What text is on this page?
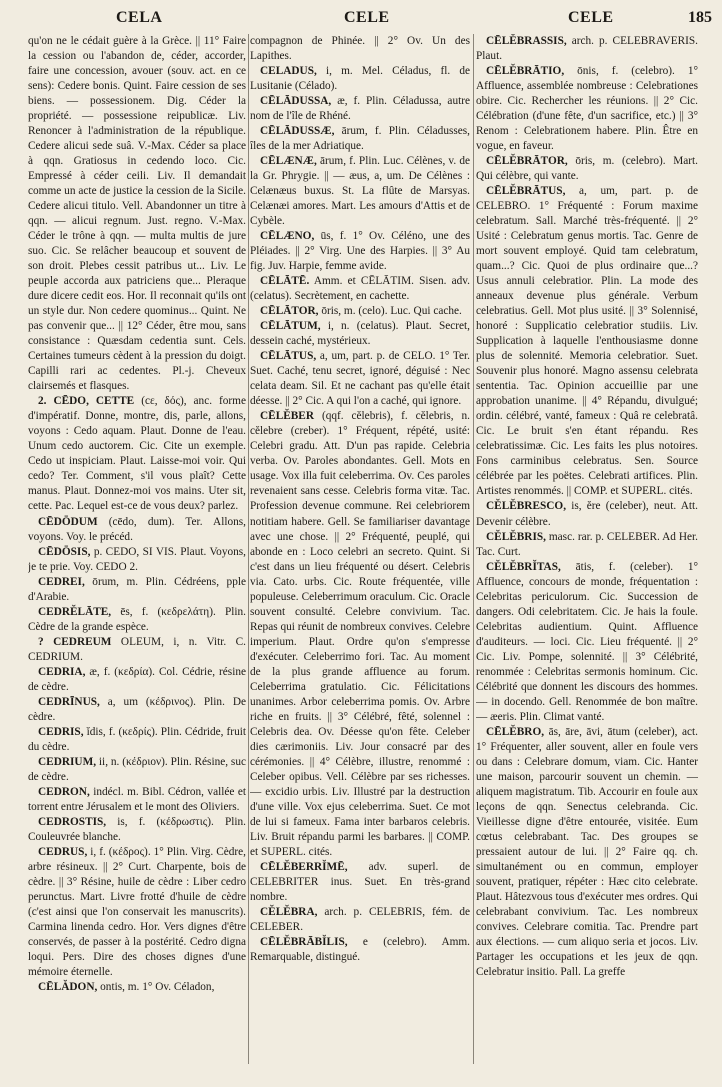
CELA	CELE	CELE	185

qu'on ne le cédait guère à la Grèce. || 11° Faire la cession ou l'abandon de, céder, accorder, faire une concession, avouer (souv. act. en ce sens): Cedere bonis. Quint. Faire cession de ses biens. — possessionem. Dig. Céder la propriété. — possessione reipublicæ. Liv. Renoncer à l'administration de la république. Cedere alicui sede suâ. V.-Max. Céder sa place à qqn. Gratiosus in cedendo loco. Cic. Empressé à céder ceili. Liv. Il demandait comme un acte de justice la cession de la Sicile. Cedere alicui titulo. Vell. Abandonner un titre à qqn. — alicui regnum. Just. regno. V.-Max. Céder le trône à qqn. — multa multis de jure suo. Cic. Se relâcher beaucoup et souvent de son droit. Plebes cessit patribus ut... Liv. Le peuple accorda aux patriciens que... Pleraque dure dicere cedit eos. Hor. Il reconnait qu'ils ont un style dur. Non cedere quominus... Quint. Ne pas convenir que... || 12° Céder, être mou, sans consistance : Quæsdam cedentia sunt. Cels. Certaines tumeurs cèdent à la pression du doigt. Capilli rari ac cedentes. Pl.-j. Cheveux clairsemés et flasques.

2. CĒDO, CETTE (cε, δός), anc. forme d'impératif. Donne, montre, dis, parle, allons, voyons : Cedo aquam. Plaut. Donne de l'eau. Unum cedo auctorem. Cic. Cite un exemple. Cedo ut inspiciam. Plaut. Laisse-moi voir. Qui cedo? Ter. Comment, s'il vous plaît? Cette manus. Plaut. Donnez-moi vos mains. Uter sit, cette. Pac. Lequel est-ce de vous deux? parlez.

CĒDŌDUM (cēdo, dum). Ter. Allons, voyons. Voy. le précéd.

CĒDŌSIS, p. CEDO, SI VIS. Plaut. Voyons, je te prie. Voy. CEDO 2.

CEDREI, ōrum, m. Plin. Cédréens, pple d'Arabie.

CEDRĔLĀTE, ēs, f. (κεδρελάτη). Plin. Cèdre de la grande espèce.

? CEDREUM OLEUM, i, n. Vitr. C. CEDRIUM.

CEDRIA, æ, f. (κεδρία). Col. Cédrie, résine de cèdre.

CEDRĪNUS, a, um (κέδρινος). Plin. De cèdre.

CEDRIS, ĭdis, f. (κεδρίς). Plin. Cédride, fruit du cèdre.

CEDRIUM, ii, n. (κέδριον). Plin. Résine, suc de cèdre.

CEDRON, indécl. m. Bibl. Cédron, vallée et torrent entre Jérusalem et le mont des Oliviers.

CEDROSTIS, is, f. (κέδρωστις). Plin. Couleuvrée blanche.

CEDRUS, i, f. (κέδρος). 1° Plin. Virg. Cèdre, arbre résineux. || 2° Curt. Charpente, bois de cèdre. || 3° Résine, huile de cèdre : Liber cedro perunctus. Mart. Livre frotté d'huile de cèdre (c'est ainsi que l'on conservait les manuscrits). Carmina linenda cedro. Hor. Vers dignes d'être conservés, de passer à la postérité. Cedro digna loqui. Pers. Dire des choses dignes d'une mémoire éternelle.

CĒLĂDON, ontis, m. 1° Ov. Céladon,

compagnon de Phinée. || 2° Ov. Un des Lapithes.

CELADUS, i, m. Mel. Céladus, fl. de Lusitanie (Célado).

CĒLĀDUSSA, æ, f. Plin. Céladussa, autre nom de l'île de Rhéné.

CĒLĀDUSSÆ, ārum, f. Plin. Céladusses, îles de la mer Adriatique.

CĒLÆNÆ, ārum, f. Plin. Luc. Célènes, v. de la Gr. Phrygie. || — æus, a, um. De Célènes : Celænæus buxus. St. La flûte de Marsyas. Celænæi amores. Mart. Les amours d'Attis et de Cybèle.

CĒLÆNO, ūs, f. 1° Ov. Céléno, une des Pléiades. || 2° Virg. Une des Harpies. || 3° Au fig. Juv. Harpie, femme avide.

CĒLĀTĒ. Amm. et CĒLĀTIM. Sisen. adv. (celatus). Secrètement, en cachette.

CĒLĀTOR, ōris, m. (celo). Luc. Qui cache.

CĒLĀTUM, i, n. (celatus). Plaut. Secret, dessein caché, mystérieux.

CĒLĀTUS, a, um, part. p. de CELO. 1° Ter. Suet. Caché, tenu secret, ignoré, déguisé : Nec celata deam. Sil. Et ne cachant pas qu'elle était déesse. || 2° Cic. A qui l'on a caché, qui ignore.

CĒLĔBER (qqf. cĕlebris), f. cĕlebris, n. cĕlebre (creber). 1° Fréquent, répété, usité: Celebri gradu. Att. D'un pas rapide. Celebria verba. Ov. Paroles abondantes. Gell. Mots en usage. Vox illa fuit celeberrima. Ov. Ces paroles revenaient sans cesse. Celebris forma vitæ. Tac. Profession devenue commune. Rei celebriorem notitiam habere. Gell. Se familiariser davantage avec une chose. || 2° Fréquenté, peuplé, qui abonde en : Loco celebri an secreto. Quint. Si c'est dans un lieu fréquenté ou désert. Celebris via. Cato. urbs. Cic. Route fréquentée, ville populeuse. Celeberrimum oraculum. Cic. Oracle souvent consulté. Celebre convivium. Tac. Repas qui réunit de nombreux convives. Celebre imperium. Plaut. Ordre qu'on s'empresse d'exécuter. Celeberrimo fori. Tac. Au moment de la plus grande affluence au forum. Celeberrima gratulatio. Cic. Félicitations unanimes. Arbor celeberrima pomis. Ov. Arbre riche en fruits. || 3° Célébré, fêté, solennel : Celebris dea. Ov. Déesse qu'on fête. Celeber dies cærimoniis. Liv. Jour consacré par des cérémonies. || 4° Célèbre, illustre, renommé : Celeber opibus. Vell. Célèbre par ses richesses. — excidio urbis. Liv. Illustré par la destruction d'une ville. Vox ejus celeberrima. Suet. Ce mot de lui si fameux. Fama inter barbaros celebris. Liv. Bruit répandu parmi les barbares. || COMP. et SUPERL. cités.

CĒLĔBERRĬMĒ, adv. superl. de CELEBRITER inus. Suet. En très-grand nombre.

CĔLĔBRA, arch. p. CELEBRIS, fém. de CELEBER.

CĒLĔBRĀBĬLIS, e (celebro). Amm. Remarquable, distingué.

CĒLĔBRASSIS, arch. p. CELEBRAVERIS. Plaut.

CĒLĔBRĀTIO, ōnis, f. (celebro). 1° Affluence, assemblée nombreuse : Celebrationes obire. Cic. Rechercher les réunions. || 2° Cic. Célébration (d'une fête, d'un sacrifice, etc.) || 3° Renom : Celebrationem habere. Plin. Être en vogue, en faveur.

CĒLĔBRĀTOR, ōris, m. (celebro). Mart. Qui célèbre, qui vante.

CĒLĔBRĀTUS, a, um, part. p. de CELEBRO. 1° Fréquenté : Forum maxime celebratum. Sall. Marché très-fréquenté. || 2° Usité : Celebratum genus mortis. Tac. Genre de mort souvent employé. Quid tam celebratum, quam...? Cic. Quoi de plus ordinaire que...? Usus annuli celebratior. Plin. La mode des anneaux devenue plus générale. Verbum celebratius. Gell. Mot plus usité. || 3° Solennisé, honoré : Supplicatio celebratior studiis. Liv. Supplication à laquelle l'enthousiasme donne plus de solennité. Memoria celebratior. Suet. Souvenir plus honoré. Magno assensu celebrata sententia. Tac. Opinion accueillie par une approbation unanime. || 4° Répandu, divulgué; ordin. célébré, vanté, fameux : Quâ re celebratâ. Cic. Le bruit s'en étant répandu. Res celebratissimæ. Cic. Les faits les plus notoires. Fons carminibus celebratus. Sen. Source célébrée par les poëtes. Celebrati artifices. Plin. Artistes renommés. || COMP. et SUPERL. cités.

CĔLĔBRESCO, is, ĕre (celeber), neut. Att. Devenir célèbre.

CĔLĔBRIS, masc. rar. p. CELEBER. Ad Her. Tac. Curt.

CĔLĔBRĬTAS, ātis, f. (celeber). 1° Affluence, concours de monde, fréquentation : Celebritas periculorum. Cic. Succession de dangers. Odi celebritatem. Cic. Je hais la foule. Celebritas audientium. Quint. Affluence d'auditeurs. — loci. Cic. Lieu fréquenté. || 2° Cic. Liv. Pompe, solennité. || 3° Célébrité, renommée : Celebritas sermonis hominum. Cic. Célébrité que donnent les discours des hommes. — in docendo. Gell. Renommée de bon maître. — æeris. Plin. Climat vanté.

CĒLĔBRO, ās, āre, āvi, ātum (celeber), act. 1° Fréquenter, aller souvent, aller en foule vers ou dans : Celebrare domum, viam. Cic. Hanter une maison, parcourir souvent un chemin. — aliquem magistratum. Tib. Accourir en foule aux leçons de qqn. Senectus celebranda. Cic. Vieillesse digne d'être entourée, visitée. Eum cœtus celebrabant. Tac. Des groupes se pressaient autour de lui. || 2° Faire qq. ch. simultanément ou en commun, employer souvent, pratiquer, répéter : Hæc cito celebrate. Plaut. Hâtezvous tous d'exécuter mes ordres. Qui celebrabant convivium. Tac. Les nombreux convives. Celebrare comitia. Tac. Prendre part aux élections. — cum aliquo seria et jocos. Liv. Partager les occupations et les jeux de qqn. Celebratur insitio. Pall. La greffe
